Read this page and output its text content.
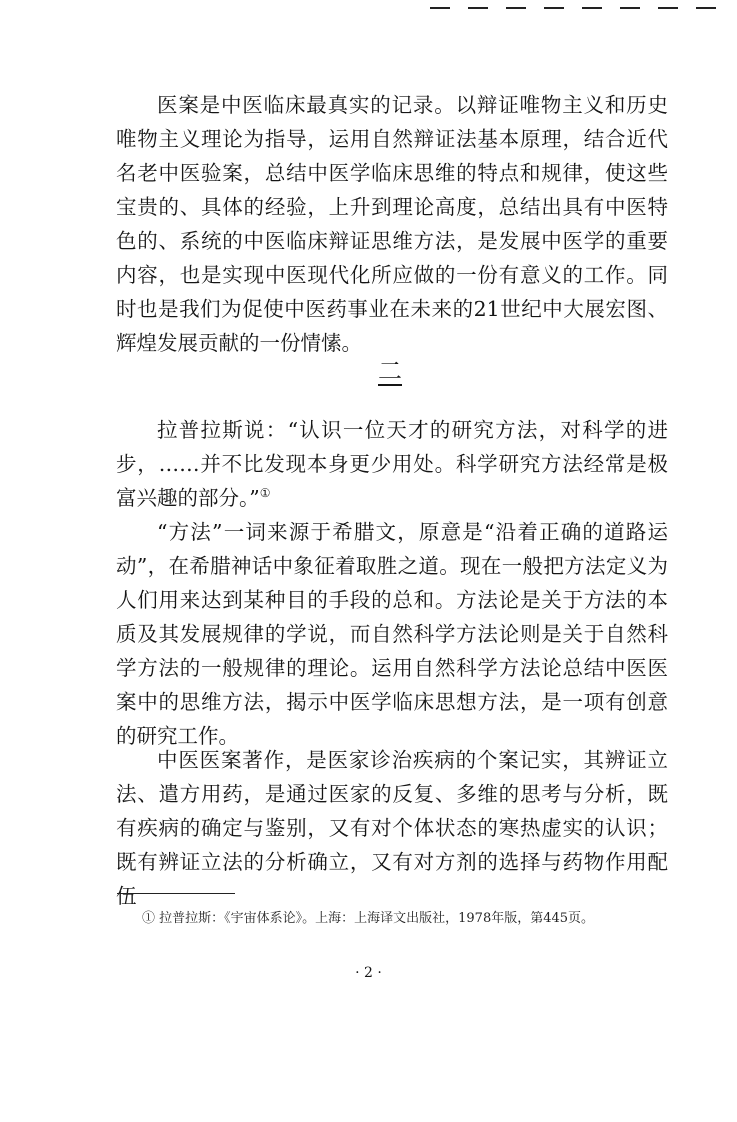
医案是中医临床最真实的记录。以辩证唯物主义和历史唯物主义理论为指导，运用自然辩证法基本原理，结合近代名老中医验案，总结中医学临床思维的特点和规律，使这些宝贵的、具体的经验，上升到理论高度，总结出具有中医特色的、系统的中医临床辩证思维方法，是发展中医学的重要内容，也是实现中医现代化所应做的一份有意义的工作。同时也是我们为促使中医药事业在未来的21世纪中大展宏图、辉煌发展贡献的一份情愫。

二

拉普拉斯说：“认识一位天才的研究方法，对科学的进步，……并不比发现本身更少用处。科学研究方法经常是极富兴趣的部分。”①

“方法”一词来源于希腊文，原意是“沿着正确的道路运动”，在希腊神话中象征着取胜之道。现在一般把方法定义为人们用来达到某种目的手段的总和。方法论是关于方法的本质及其发展规律的学说，而自然科学方法论则是关于自然科学方法的一般规律的理论。运用自然科学方法论总结中医医案中的思维方法，揭示中医学临床思想方法，是一项有创意的研究工作。

中医医案著作，是医家诊治疾病的个案记实，其辨证立法、遣方用药，是通过医家的反复、多维的思考与分析，既有疾病的确定与鉴别，又有对个体状态的寒热虚实的认识；既有辨证立法的分析确立，又有对方剂的选择与药物作用配伍

① 拉普拉斯：《宇宙体系论》。上海：上海译文出版社，1978年版，第445页。

· 2 ·
